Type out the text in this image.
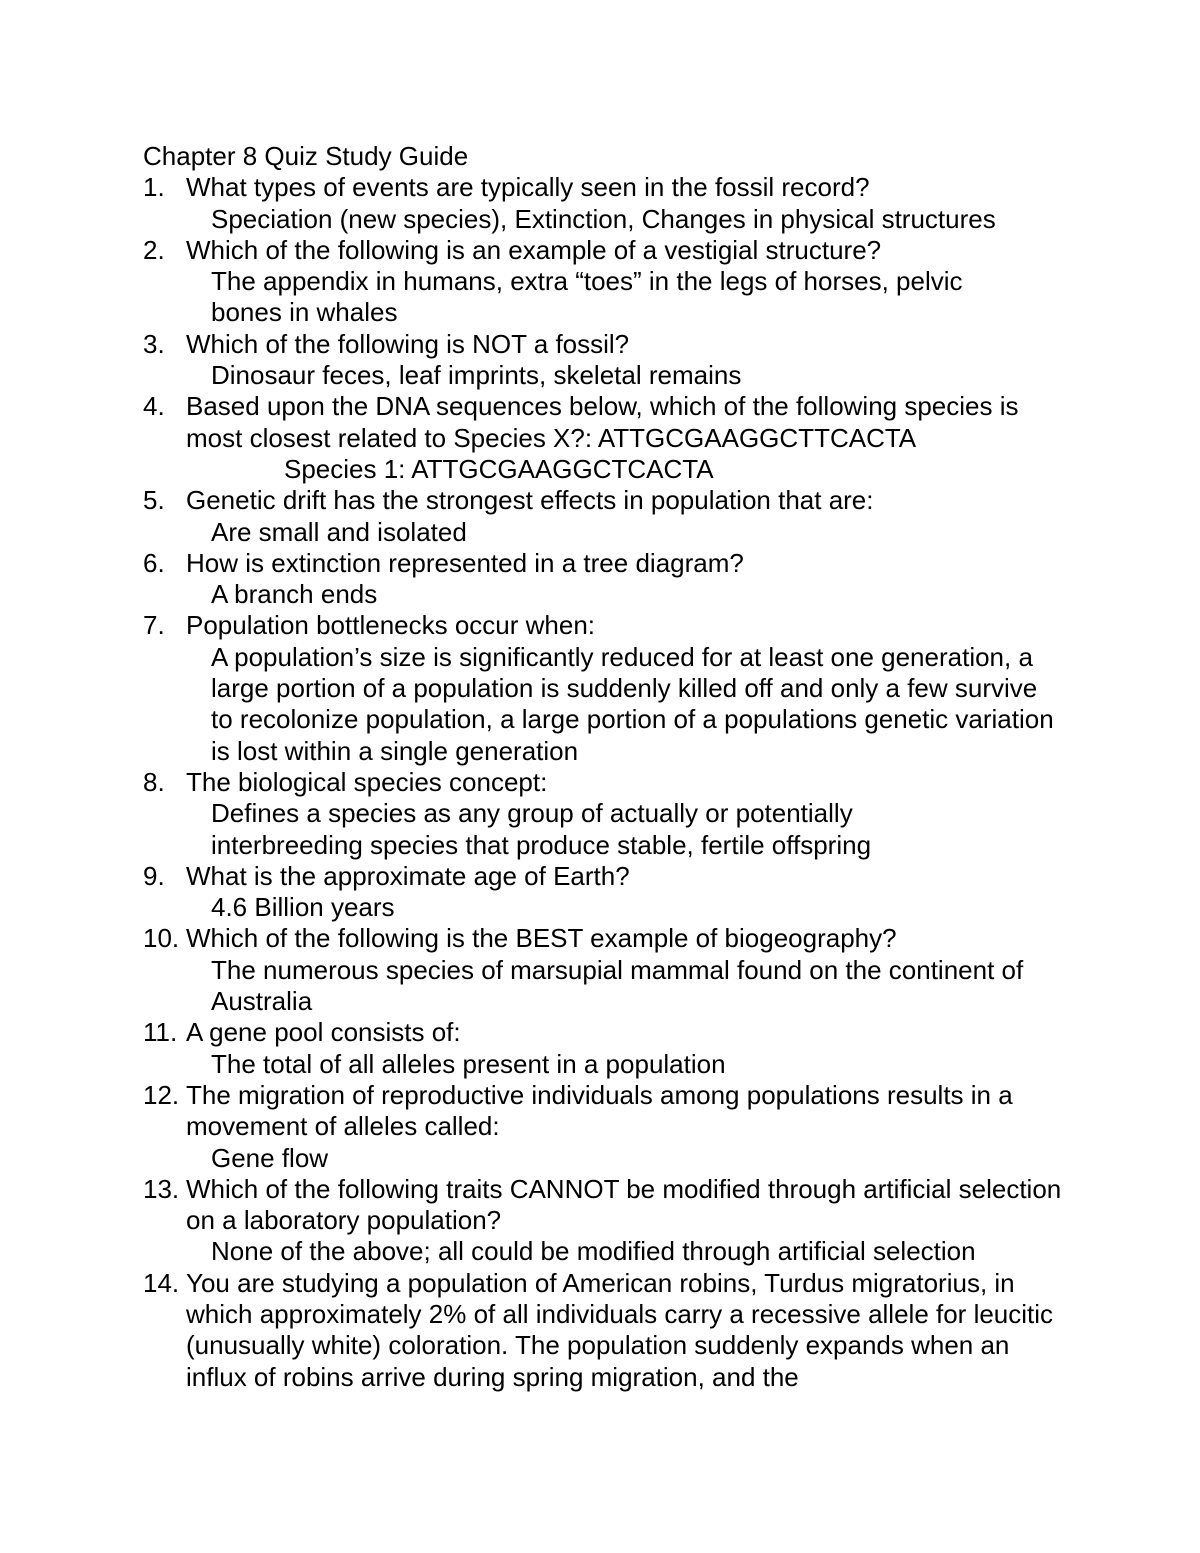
Chapter 8 Quiz Study Guide
1. What types of events are typically seen in the fossil record?
Speciation (new species), Extinction, Changes in physical structures
2. Which of the following is an example of a vestigial structure?
The appendix in humans, extra “toes” in the legs of horses, pelvic bones in whales
3. Which of the following is NOT a fossil?
Dinosaur feces, leaf imprints, skeletal remains
4. Based upon the DNA sequences below, which of the following species is most closest related to Species X?: ATTGCGAAGGCTTCACTA
Species 1: ATTGCGAAGGCTCACTA
5. Genetic drift has the strongest effects in population that are:
Are small and isolated
6. How is extinction represented in a tree diagram?
A branch ends
7. Population bottlenecks occur when:
A population’s size is significantly reduced for at least one generation, a large portion of a population is suddenly killed off and only a few survive to recolonize population, a large portion of a populations genetic variation is lost within a single generation
8. The biological species concept:
Defines a species as any group of actually or potentially interbreeding species that produce stable, fertile offspring
9. What is the approximate age of Earth?
4.6 Billion years
10. Which of the following is the BEST example of biogeography?
The numerous species of marsupial mammal found on the continent of Australia
11. A gene pool consists of:
The total of all alleles present in a population
12. The migration of reproductive individuals among populations results in a movement of alleles called:
Gene flow
13. Which of the following traits CANNOT be modified through artificial selection on a laboratory population?
None of the above; all could be modified through artificial selection
14. You are studying a population of American robins, Turdus migratorius, in which approximately 2% of all individuals carry a recessive allele for leucitic (unusually white) coloration. The population suddenly expands when an influx of robins arrive during spring migration, and the
